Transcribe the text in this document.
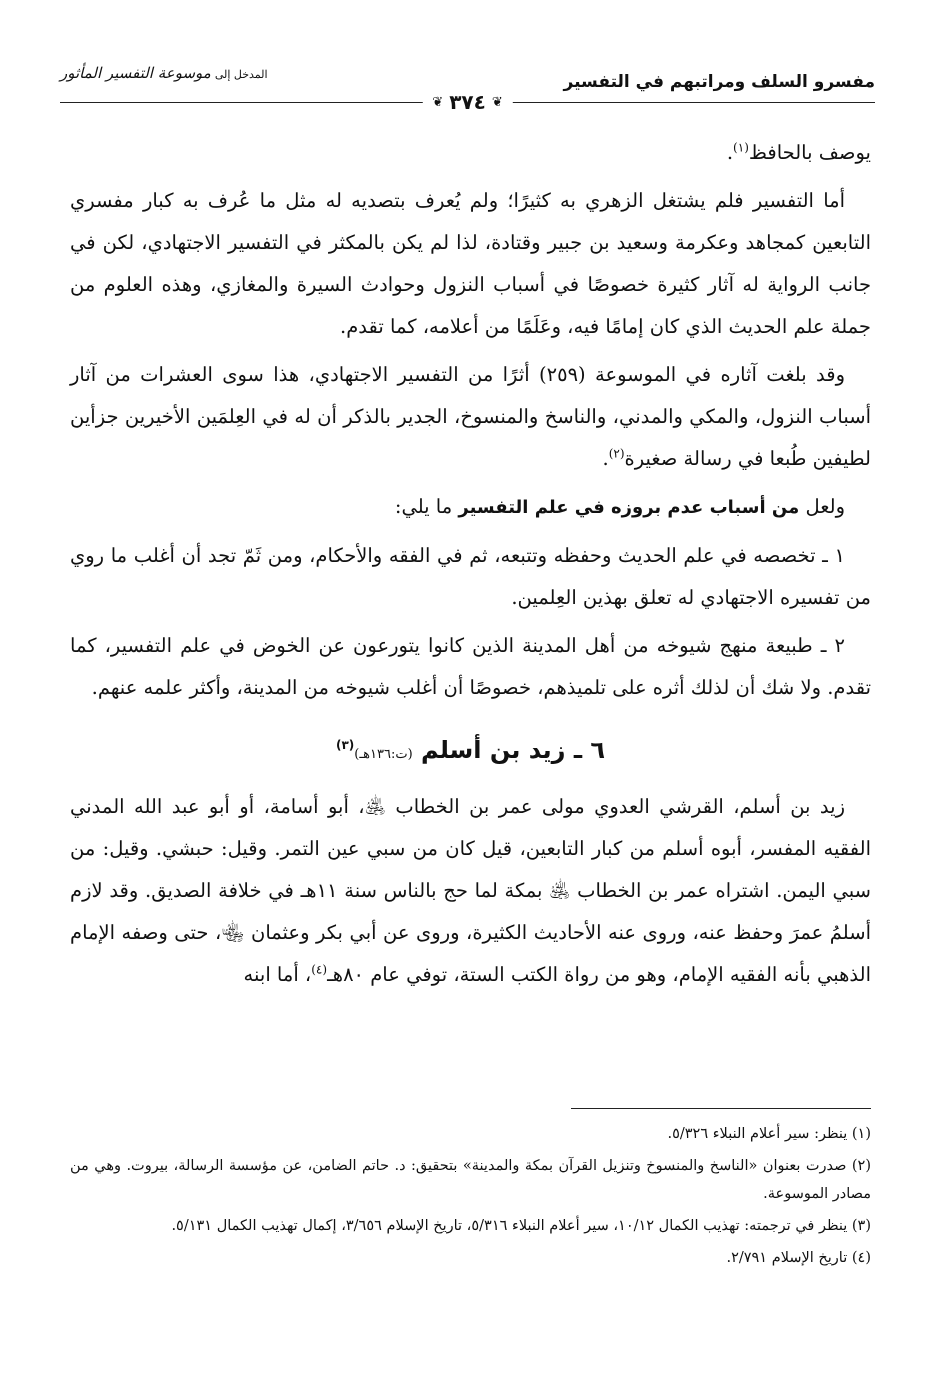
مفسرو السلف ومراتبهم في التفسير
المدخل إلى
موسوعة التفسير المأثور
❦
٣٧٤
❦

يوصف بالحافظ$^{(١)}$.

أما التفسير فلم يشتغل الزهري به كثيرًا؛ ولم يُعرف بتصديه له مثل ما عُرف به كبار مفسري التابعين كمجاهد وعكرمة وسعيد بن جبير وقتادة، لذا لم يكن بالمكثر في التفسير الاجتهادي، لكن في جانب الرواية له آثار كثيرة خصوصًا في أسباب النزول وحوادث السيرة والمغازي، وهذه العلوم من جملة علم الحديث الذي كان إمامًا فيه، وعَلَمًا من أعلامه، كما تقدم.

وقد بلغت آثاره في الموسوعة (٢٥٩) أثرًا من التفسير الاجتهادي، هذا سوى العشرات من آثار أسباب النزول، والمكي والمدني، والناسخ والمنسوخ، الجدير بالذكر أن له في العِلمَين الأخيرين جزأين لطيفين طُبعا في رسالة صغيرة$^{(٢)}$.

ولعل من أسباب عدم بروزه في علم التفسير ما يلي:

١ ـ تخصصه في علم الحديث وحفظه وتتبعه، ثم في الفقه والأحكام، ومن ثَمّ تجد أن أغلب ما روي من تفسيره الاجتهادي له تعلق بهذين العِلمين.

٢ ـ طبيعة منهج شيوخه من أهل المدينة الذين كانوا يتورعون عن الخوض في علم التفسير، كما تقدم. ولا شك أن لذلك أثره على تلميذهم، خصوصًا أن أغلب شيوخه من المدينة، وأكثر علمه عنهم.

٦ ـ زيد بن أسلم (ت:١٣٦هـ)$^{(٣)}$

زيد بن أسلم، القرشي العدوي مولى عمر بن الخطاب ﵁، أبو أسامة، أو أبو عبد الله المدني الفقيه المفسر، أبوه أسلم من كبار التابعين، قيل كان من سبي عين التمر. وقيل: حبشي. وقيل: من سبي اليمن. اشتراه عمر بن الخطاب ﵁ بمكة لما حج بالناس سنة ١١هـ في خلافة الصديق. وقد لازم أسلمُ عمرَ وحفظ عنه، وروى عنه الأحاديث الكثيرة، وروى عن أبي بكر وعثمان ﵄، حتى وصفه الإمام الذهبي بأنه الفقيه الإمام، وهو من رواة الكتب الستة، توفي عام ٨٠هـ$^{(٤)}$، أما ابنه

(١) ينظر: سير أعلام النبلاء ٥/٣٢٦.

(٢) صدرت بعنوان «الناسخ والمنسوخ وتنزيل القرآن بمكة والمدينة» بتحقيق: د. حاتم الضامن، عن مؤسسة الرسالة، بيروت. وهي من مصادر الموسوعة.

(٣) ينظر في ترجمته: تهذيب الكمال ١٠/١٢، سير أعلام النبلاء ٥/٣١٦، تاريخ الإسلام ٣/٦٥٦، إكمال تهذيب الكمال ٥/١٣١.

(٤) تاريخ الإسلام ٢/٧٩١.
